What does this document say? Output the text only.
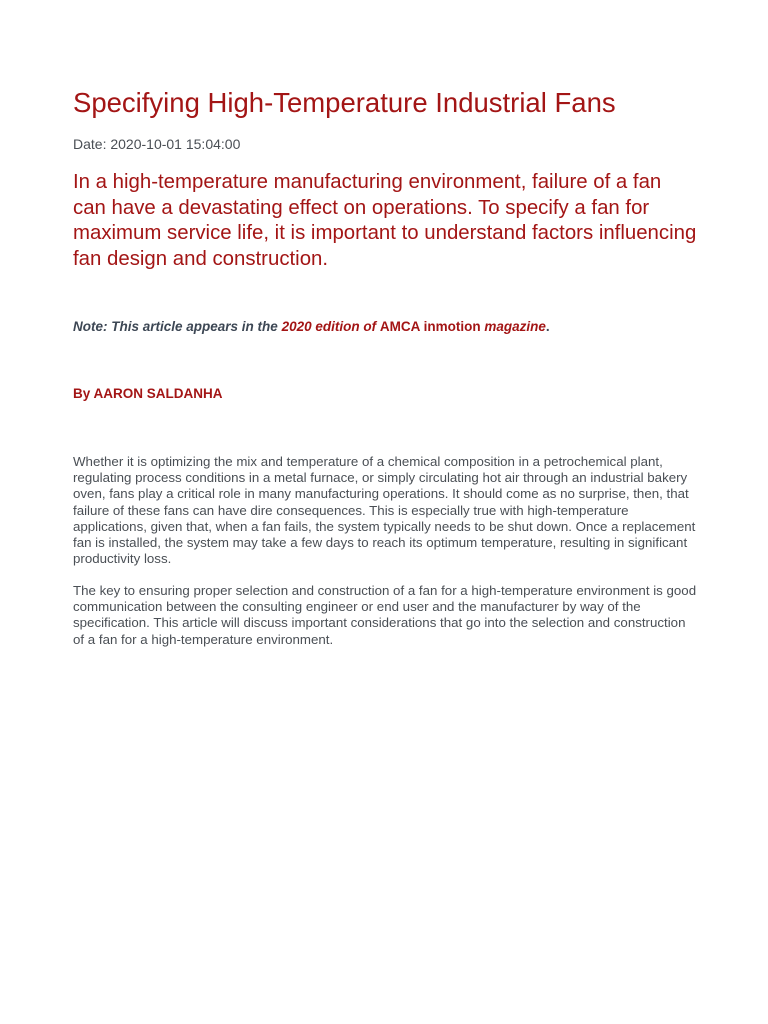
Specifying High-Temperature Industrial Fans

Date: 2020-10-01 15:04:00

In a high-temperature manufacturing environment, failure of a fan can have a devastating effect on operations. To specify a fan for maximum service life, it is important to understand factors influencing fan design and construction.

Note: This article appears in the 2020 edition of AMCA inmotion magazine.

By AARON SALDANHA

Whether it is optimizing the mix and temperature of a chemical composition in a petrochemical plant, regulating process conditions in a metal furnace, or simply circulating hot air through an industrial bakery oven, fans play a critical role in many manufacturing operations. It should come as no surprise, then, that failure of these fans can have dire consequences. This is especially true with high-temperature applications, given that, when a fan fails, the system typically needs to be shut down. Once a replacement fan is installed, the system may take a few days to reach its optimum temperature, resulting in significant productivity loss.

The key to ensuring proper selection and construction of a fan for a high-temperature environment is good communication between the consulting engineer or end user and the manufacturer by way of the specification. This article will discuss important considerations that go into the selection and construction of a fan for a high-temperature environment.
